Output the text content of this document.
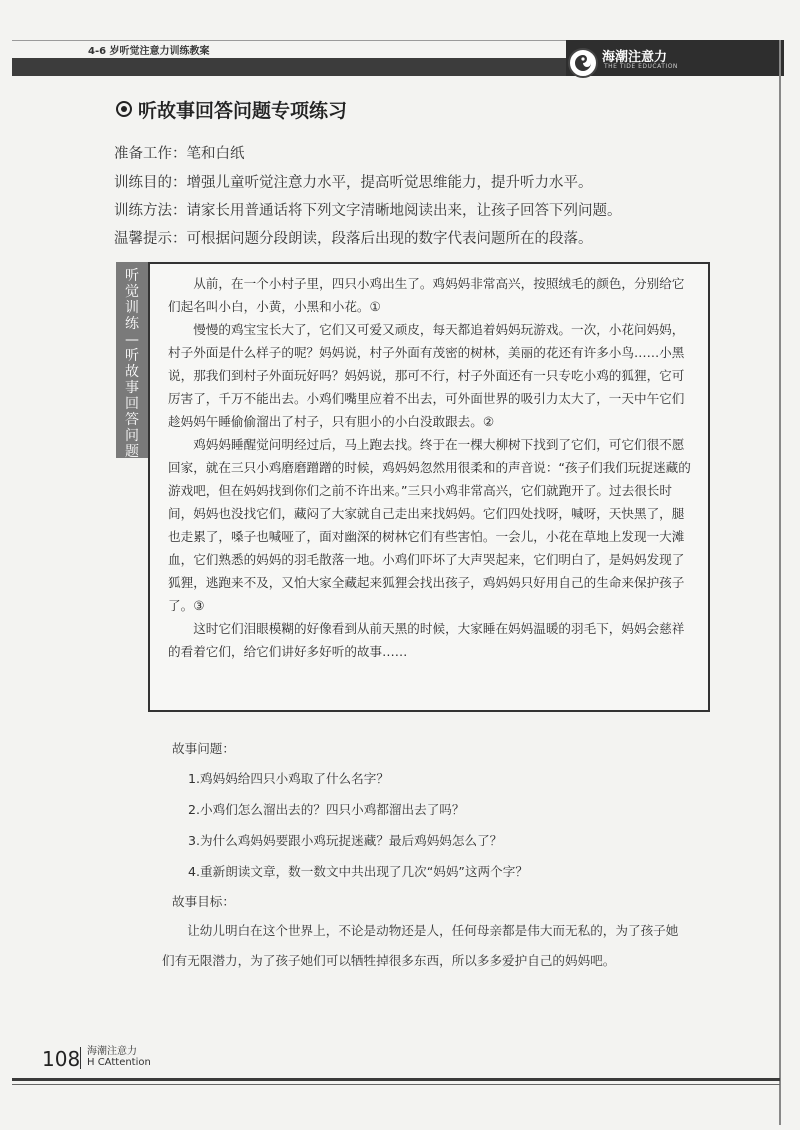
4-6 岁听觉注意力训练教案	海潮注意力
THE TIDE EDUCATION
听故事回答问题专项练习
准备工作：笔和白纸
训练目的：增强儿童听觉注意力水平，提高听觉思维能力，提升听力水平。
训练方法：请家长用普通话将下列文字清晰地阅读出来，让孩子回答下列问题。
温馨提示：可根据问题分段朗读，段落后出现的数字代表问题所在的段落。
听
觉
训
练
—
听
故
事
回
答
问
题

从前，在一个小村子里，四只小鸡出生了。鸡妈妈非常高兴，按照绒毛的颜色，分别给它们起名叫小白，小黄，小黑和小花。①

慢慢的鸡宝宝长大了，它们又可爱又顽皮，每天都追着妈妈玩游戏。一次，小花问妈妈，村子外面是什么样子的呢？妈妈说，村子外面有茂密的树林，美丽的花还有许多小鸟……小黑说，那我们到村子外面玩好吗？妈妈说，那可不行，村子外面还有一只专吃小鸡的狐狸，它可厉害了，千万不能出去。小鸡们嘴里应着不出去，可外面世界的吸引力太大了，一天中午它们趁妈妈午睡偷偷溜出了村子，只有胆小的小白没敢跟去。②

鸡妈妈睡醒觉问明经过后，马上跑去找。终于在一棵大柳树下找到了它们，可它们很不愿回家，就在三只小鸡磨磨蹭蹭的时候，鸡妈妈忽然用很柔和的声音说：“孩子们我们玩捉迷藏的游戏吧，但在妈妈找到你们之前不许出来。”三只小鸡非常高兴，它们就跑开了。过去很长时间，妈妈也没找它们，藏闷了大家就自己走出来找妈妈。它们四处找呀，喊呀，天快黑了，腿也走累了，嗓子也喊哑了，面对幽深的树林它们有些害怕。一会儿，小花在草地上发现一大滩血，它们熟悉的妈妈的羽毛散落一地。小鸡们吓坏了大声哭起来，它们明白了，是妈妈发现了狐狸，逃跑来不及，又怕大家全藏起来狐狸会找出孩子，鸡妈妈只好用自己的生命来保护孩子了。③

这时它们泪眼模糊的好像看到从前天黑的时候，大家睡在妈妈温暖的羽毛下，妈妈会慈祥的看着它们，给它们讲好多好听的故事……

故事问题：
1.鸡妈妈给四只小鸡取了什么名字？
2.小鸡们怎么溜出去的？四只小鸡都溜出去了吗？
3.为什么鸡妈妈要跟小鸡玩捉迷藏？最后鸡妈妈怎么了？
4.重新朗读文章，数一数文中共出现了几次“妈妈”这两个字？
故事目标：
让幼儿明白在这个世界上，不论是动物还是人，任何母亲都是伟大而无私的，为了孩子她们有无限潜力，为了孩子她们可以牺牲掉很多东西，所以多多爱护自己的妈妈吧。
108 海潮注意力
H CAttention
